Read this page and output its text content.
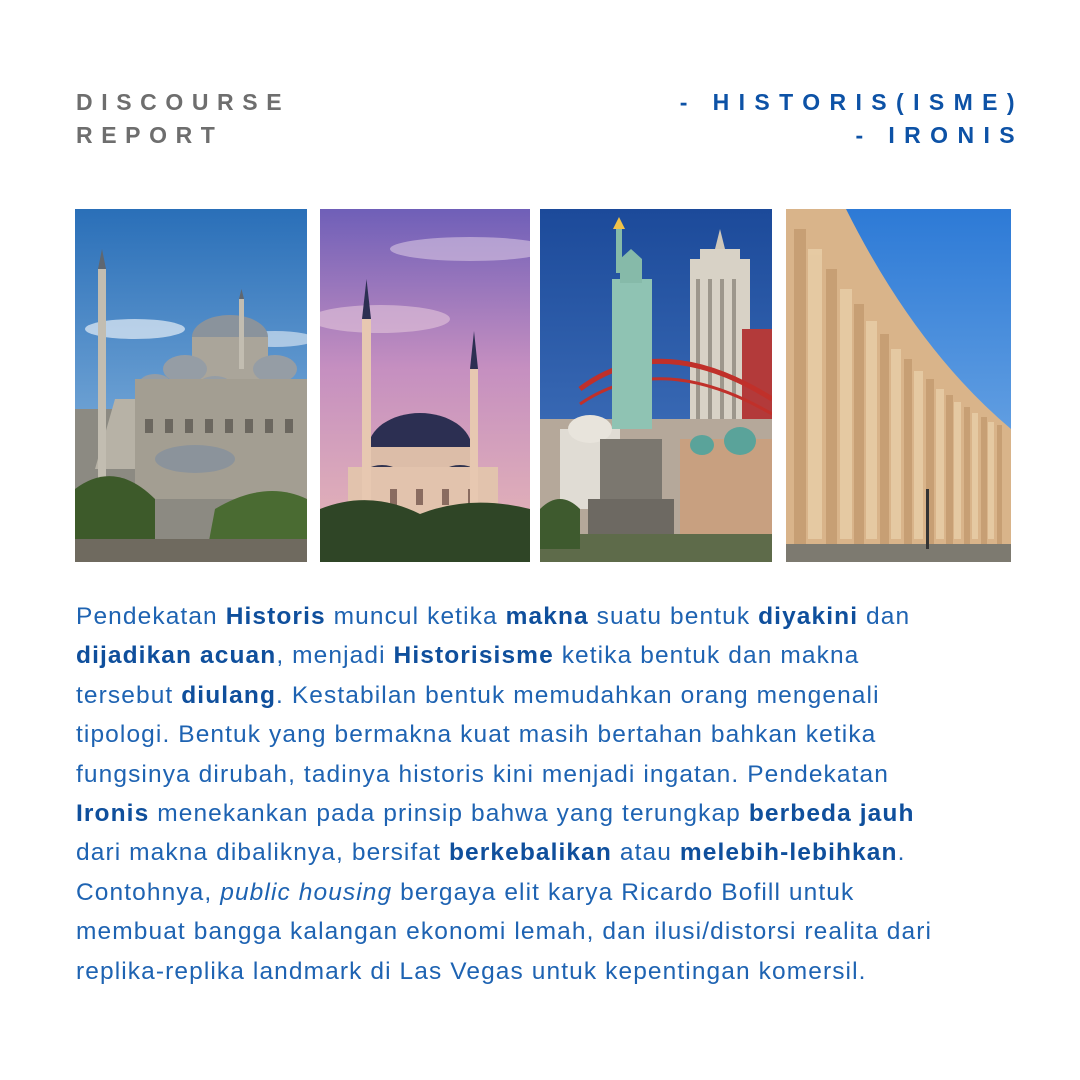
DISCOURSE
REPORT
- HISTORIS(ISME)
- IRONIS
Pendekatan Historis muncul ketika makna suatu bentuk diyakini dan
dijadikan acuan, menjadi Historisisme ketika bentuk dan makna
tersebut diulang. Kestabilan bentuk memudahkan orang mengenali
tipologi. Bentuk yang bermakna kuat masih bertahan bahkan ketika
fungsinya dirubah, tadinya historis kini menjadi ingatan. Pendekatan
Ironis menekankan pada prinsip bahwa yang terungkap berbeda jauh
dari makna dibaliknya, bersifat berkebalikan atau melebih-lebihkan.
Contohnya, public housing bergaya elit karya Ricardo Bofill untuk
membuat bangga kalangan ekonomi lemah, dan ilusi/distorsi realita dari
replika-replika landmark di Las Vegas untuk kepentingan komersil.
